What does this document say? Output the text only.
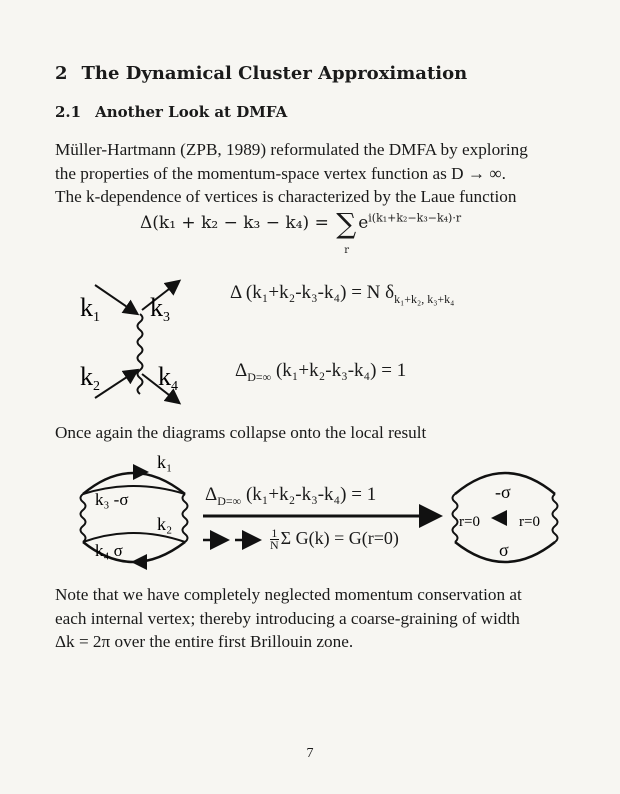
2 The Dynamical Cluster Approximation
2.1 Another Look at DMFA
Müller-Hartmann (ZPB, 1989) reformulated the DMFA by exploring
the properties of the momentum-space vertex function as D → ∞.
The k-dependence of vertices is characterized by the Laue function
Δ(k₁ + k₂ − k₃ − k₄) = ∑
r
$e^{i(k_1+k_2-k_3-k_4)\cdot r}$
k1 k3
k2 k4
Δ (k₁+k₂-k₃-k₄) = N $\delta_{k_1+k_2, k_3+k_4}$
$\Delta_{D=\infty}$ (k₁+k₂-k₃-k₄) = 1
Once again the diagrams collapse onto the local result
k₁
k₂
k₃ -σ
k₄ σ
-σ
σ
r=0	r=0
$\Delta_{D=\infty}$ (k₁+k₂-k₃-k₄) = 1
$\frac{1}{N}$ Σ G(k) = G(r=0)
Note that we have completely neglected momentum conservation at
each internal vertex; thereby introducing a coarse-graining of width
Δk = 2π over the entire first Brillouin zone.
7
